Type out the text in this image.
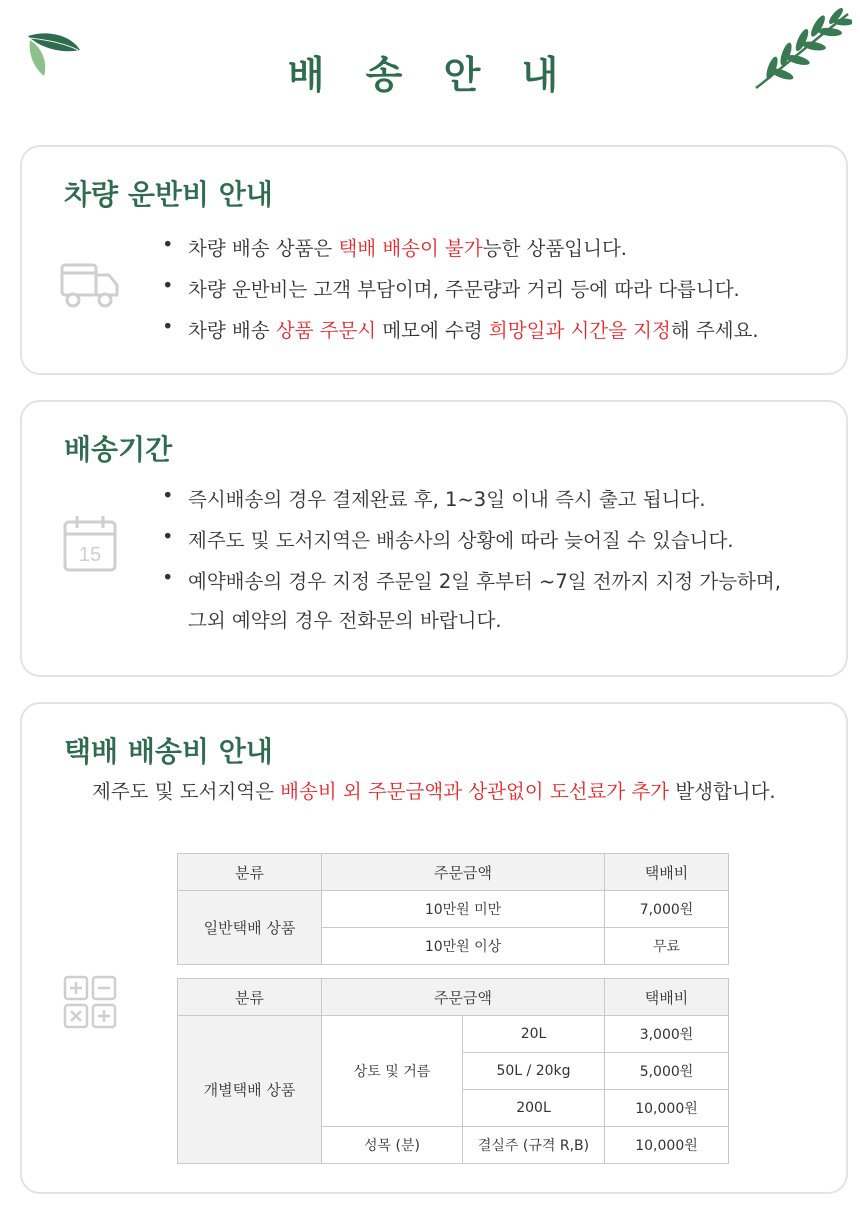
배 송 안 내
차량 운반비 안내
• 차량 배송 상품은 택배 배송이 불가능한 상품입니다.
• 차량 운반비는 고객 부담이며, 주문량과 거리 등에 따라 다릅니다.
• 차량 배송 상품 주문시 메모에 수령 희망일과 시간을 지정해 주세요.
배송기간
15
• 즉시배송의 경우 결제완료 후, 1~3일 이내 즉시 출고 됩니다.
• 제주도 및 도서지역은 배송사의 상황에 따라 늦어질 수 있습니다.
• 예약배송의 경우 지정 주문일 2일 후부터 ~7일 전까지 지정 가능하며,
그외 예약의 경우 전화문의 바랍니다.
택배 배송비 안내
제주도 및 도서지역은 배송비 외 주문금액과 상관없이 도선료가 추가 발생합니다.
분류	주문금액	택배비
일반택배 상품	10만원 미만	7,000원
	10만원 이상	무료
분류	주문금액		택배비
개별택배 상품	상토 및 거름	20L	3,000원
		50L / 20kg	5,000원
		200L	10,000원
	성목 (분)	결실주 (규격 R,B)	10,000원
